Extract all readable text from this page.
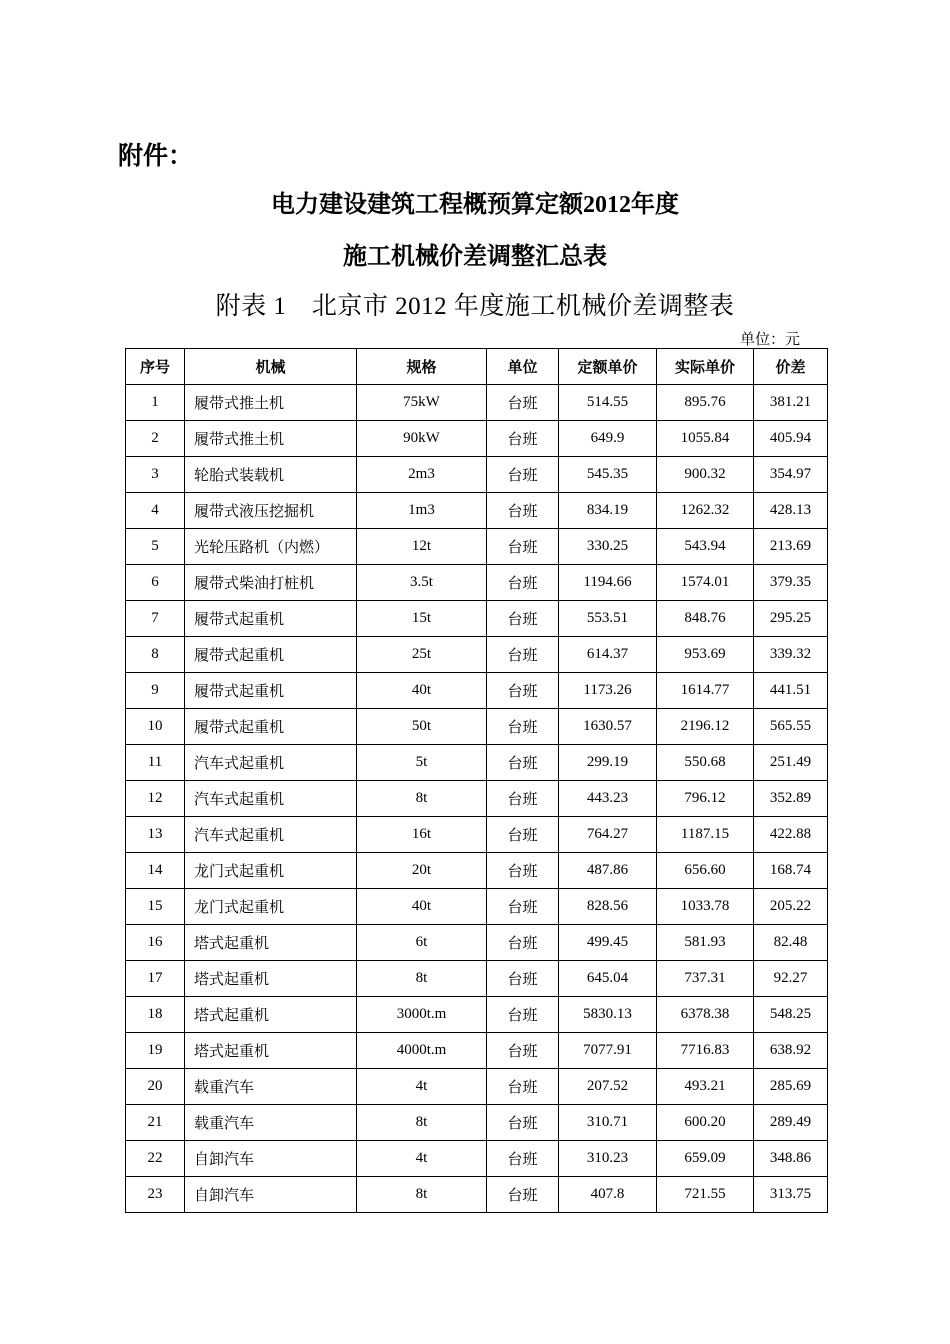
附件：
电力建设建筑工程概预算定额2012年度
施工机械价差调整汇总表
附表 1　北京市 2012 年度施工机械价差调整表
单位：元
序号	机械	规格	单位	定额单价	实际单价	价差
1	履带式推土机	75kW	台班	514.55	895.76	381.21
2	履带式推土机	90kW	台班	649.9	1055.84	405.94
3	轮胎式装载机	2m3	台班	545.35	900.32	354.97
4	履带式液压挖掘机	1m3	台班	834.19	1262.32	428.13
5	光轮压路机（内燃）	12t	台班	330.25	543.94	213.69
6	履带式柴油打桩机	3.5t	台班	1194.66	1574.01	379.35
7	履带式起重机	15t	台班	553.51	848.76	295.25
8	履带式起重机	25t	台班	614.37	953.69	339.32
9	履带式起重机	40t	台班	1173.26	1614.77	441.51
10	履带式起重机	50t	台班	1630.57	2196.12	565.55
11	汽车式起重机	5t	台班	299.19	550.68	251.49
12	汽车式起重机	8t	台班	443.23	796.12	352.89
13	汽车式起重机	16t	台班	764.27	1187.15	422.88
14	龙门式起重机	20t	台班	487.86	656.60	168.74
15	龙门式起重机	40t	台班	828.56	1033.78	205.22
16	塔式起重机	6t	台班	499.45	581.93	82.48
17	塔式起重机	8t	台班	645.04	737.31	92.27
18	塔式起重机	3000t.m	台班	5830.13	6378.38	548.25
19	塔式起重机	4000t.m	台班	7077.91	7716.83	638.92
20	载重汽车	4t	台班	207.52	493.21	285.69
21	载重汽车	8t	台班	310.71	600.20	289.49
22	自卸汽车	4t	台班	310.23	659.09	348.86
23	自卸汽车	8t	台班	407.8	721.55	313.75
